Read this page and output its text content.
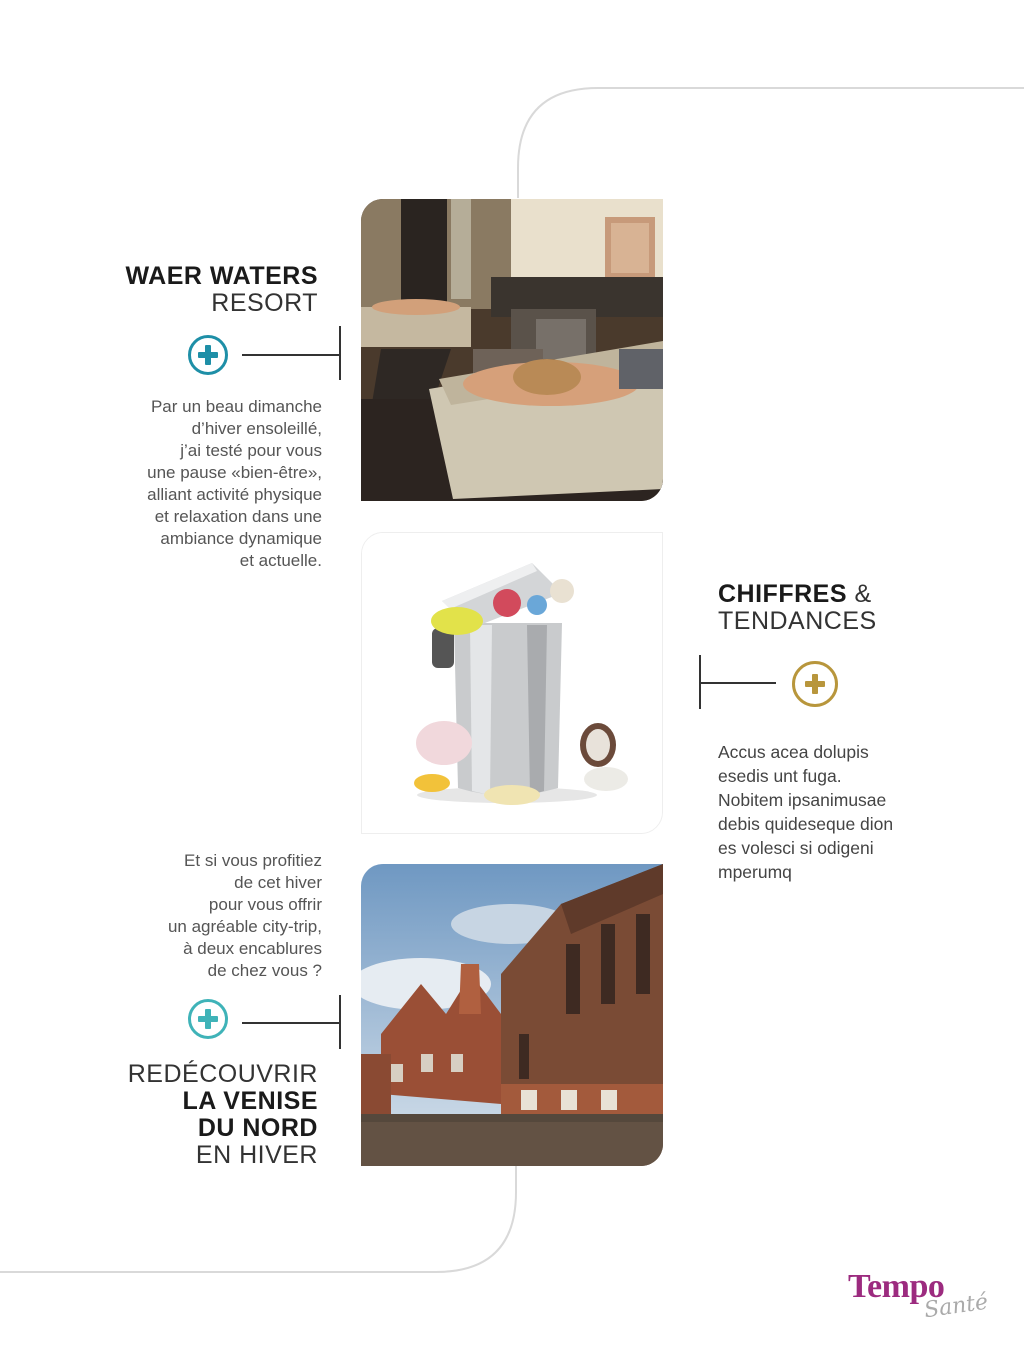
WAER WATERS
RESORT
Par un beau dimanche
d’hiver ensoleillé,
j’ai testé pour vous
une pause «bien-être»,
alliant activité physique
et relaxation dans une
ambiance dynamique
et actuelle.
CHIFFRES &
TENDANCES
Accus acea dolupis
esedis unt fuga.
Nobitem ipsanimusae
debis quideseque dion
es volesci si odigeni
mperumq
Et si vous profitiez
de cet hiver
pour vous offrir
un agréable city-trip,
à deux encablures
de chez vous ?
REDÉCOUVRIR
LA VENISE
DU NORD
EN HIVER
Tempo
Santé
